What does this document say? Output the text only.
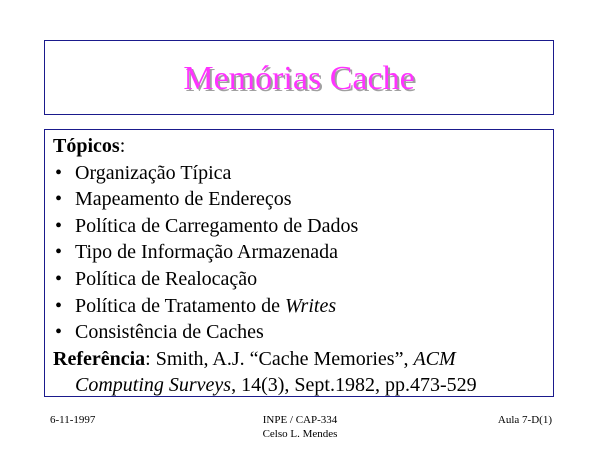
Memórias Cache
Tópicos:
• Organização Típica
• Mapeamento de Endereços
• Política de Carregamento de Dados
• Tipo de Informação Armazenada
• Política de Realocação
• Política de Tratamento de Writes
• Consistência de Caches
Referência: Smith, A.J. “Cache Memories”, ACM Computing Surveys, 14(3), Sept.1982, pp.473-529
6-11-1997	INPE / CAP-334
Celso L. Mendes
Aula 7-D(1)
